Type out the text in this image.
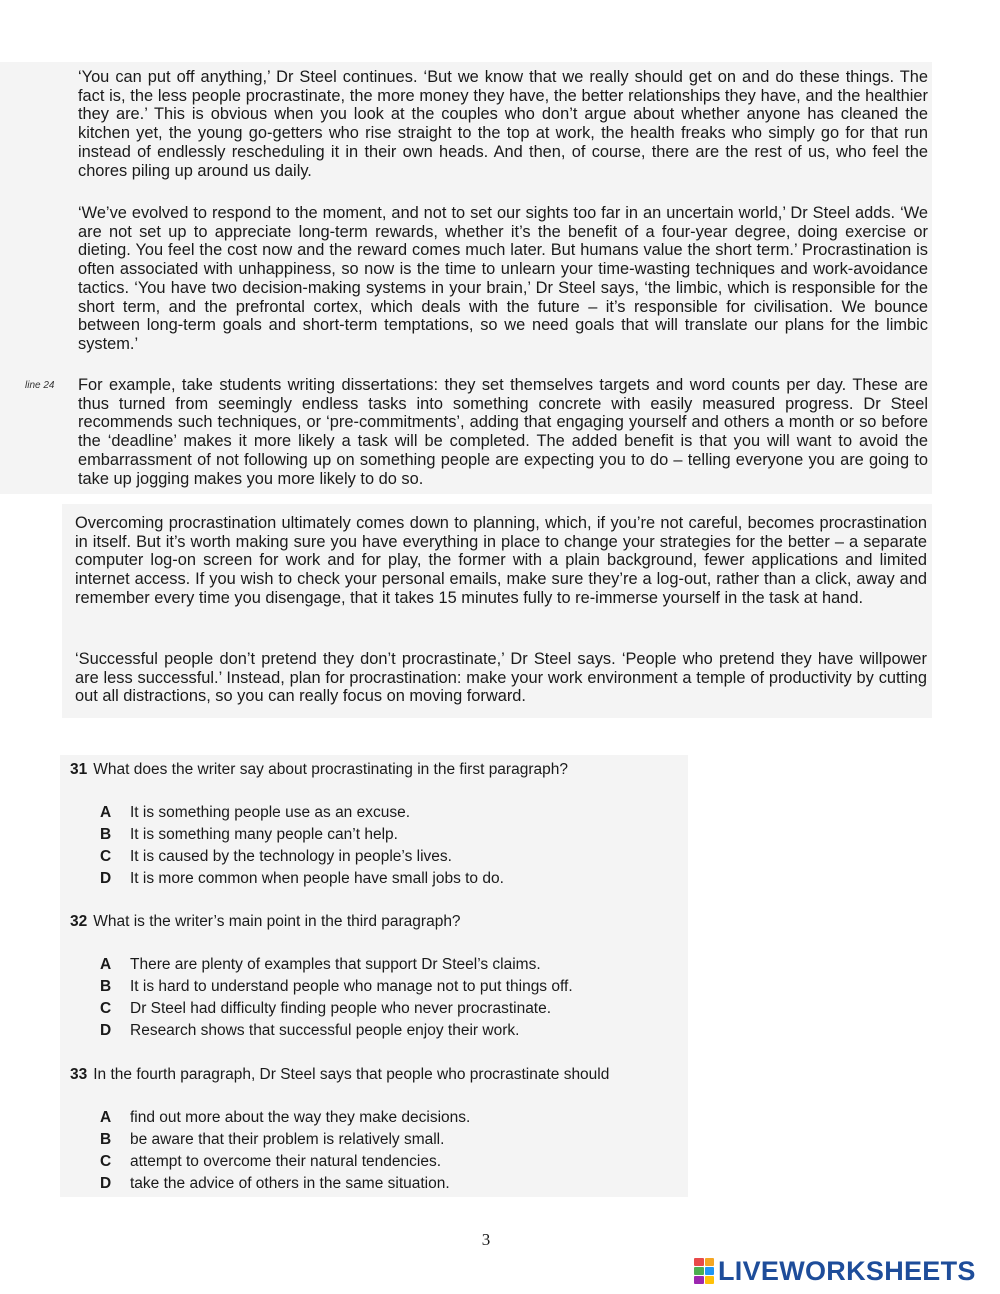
‘You can put off anything,’ Dr Steel continues. ‘But we know that we really should get on and do these things. The fact is, the less people procrastinate, the more money they have, the better relationships they have, and the healthier they are.’ This is obvious when you look at the couples who don’t argue about whether anyone has cleaned the kitchen yet, the young go-getters who rise straight to the top at work, the health freaks who simply go for that run instead of endlessly rescheduling it in their own heads. And then, of course, there are the rest of us, who feel the chores piling up around us daily.

‘We’ve evolved to respond to the moment, and not to set our sights too far in an uncertain world,’ Dr Steel adds. ‘We are not set up to appreciate long-term rewards, whether it’s the benefit of a four-year degree, doing exercise or dieting. You feel the cost now and the reward comes much later. But humans value the short term.’ Procrastination is often associated with unhappiness, so now is the time to unlearn your time-wasting techniques and work-avoidance tactics. ‘You have two decision-making systems in your brain,’ Dr Steel says, ‘the limbic, which is responsible for the short term, and the prefrontal cortex, which deals with the future – it’s responsible for civilisation. We bounce between long-term goals and short-term temptations, so we need goals that will translate our plans for the limbic system.’

line 24 For example, take students writing dissertations: they set themselves targets and word counts per day. These are thus turned from seemingly endless tasks into something concrete with easily measured progress. Dr Steel recommends such techniques, or ‘pre-commitments’, adding that engaging yourself and others a month or so before the ‘deadline’ makes it more likely a task will be completed. The added benefit is that you will want to avoid the embarrassment of not following up on something people are expecting you to do – telling everyone you are going to take up jogging makes you more likely to do so.

Overcoming procrastination ultimately comes down to planning, which, if you’re not careful, becomes procrastination in itself. But it’s worth making sure you have everything in place to change your strategies for the better – a separate computer log-on screen for work and for play, the former with a plain background, fewer applications and limited internet access. If you wish to check your personal emails, make sure they’re a log-out, rather than a click, away and remember every time you disengage, that it takes 15 minutes fully to re-immerse yourself in the task at hand.

‘Successful people don’t pretend they don’t procrastinate,’ Dr Steel says. ‘People who pretend they have willpower are less successful.’ Instead, plan for procrastination: make your work environment a temple of productivity by cutting out all distractions, so you can really focus on moving forward.

31 What does the writer say about procrastinating in the first paragraph?
A It is something people use as an excuse.
B It is something many people can’t help.
C It is caused by the technology in people’s lives.
D It is more common when people have small jobs to do.
32 What is the writer’s main point in the third paragraph?
A There are plenty of examples that support Dr Steel’s claims.
B It is hard to understand people who manage not to put things off.
C Dr Steel had difficulty finding people who never procrastinate.
D Research shows that successful people enjoy their work.
33 In the fourth paragraph, Dr Steel says that people who procrastinate should
A find out more about the way they make decisions.
B be aware that their problem is relatively small.
C attempt to overcome their natural tendencies.
D take the advice of others in the same situation.
3
LIVEWORKSHEETS
